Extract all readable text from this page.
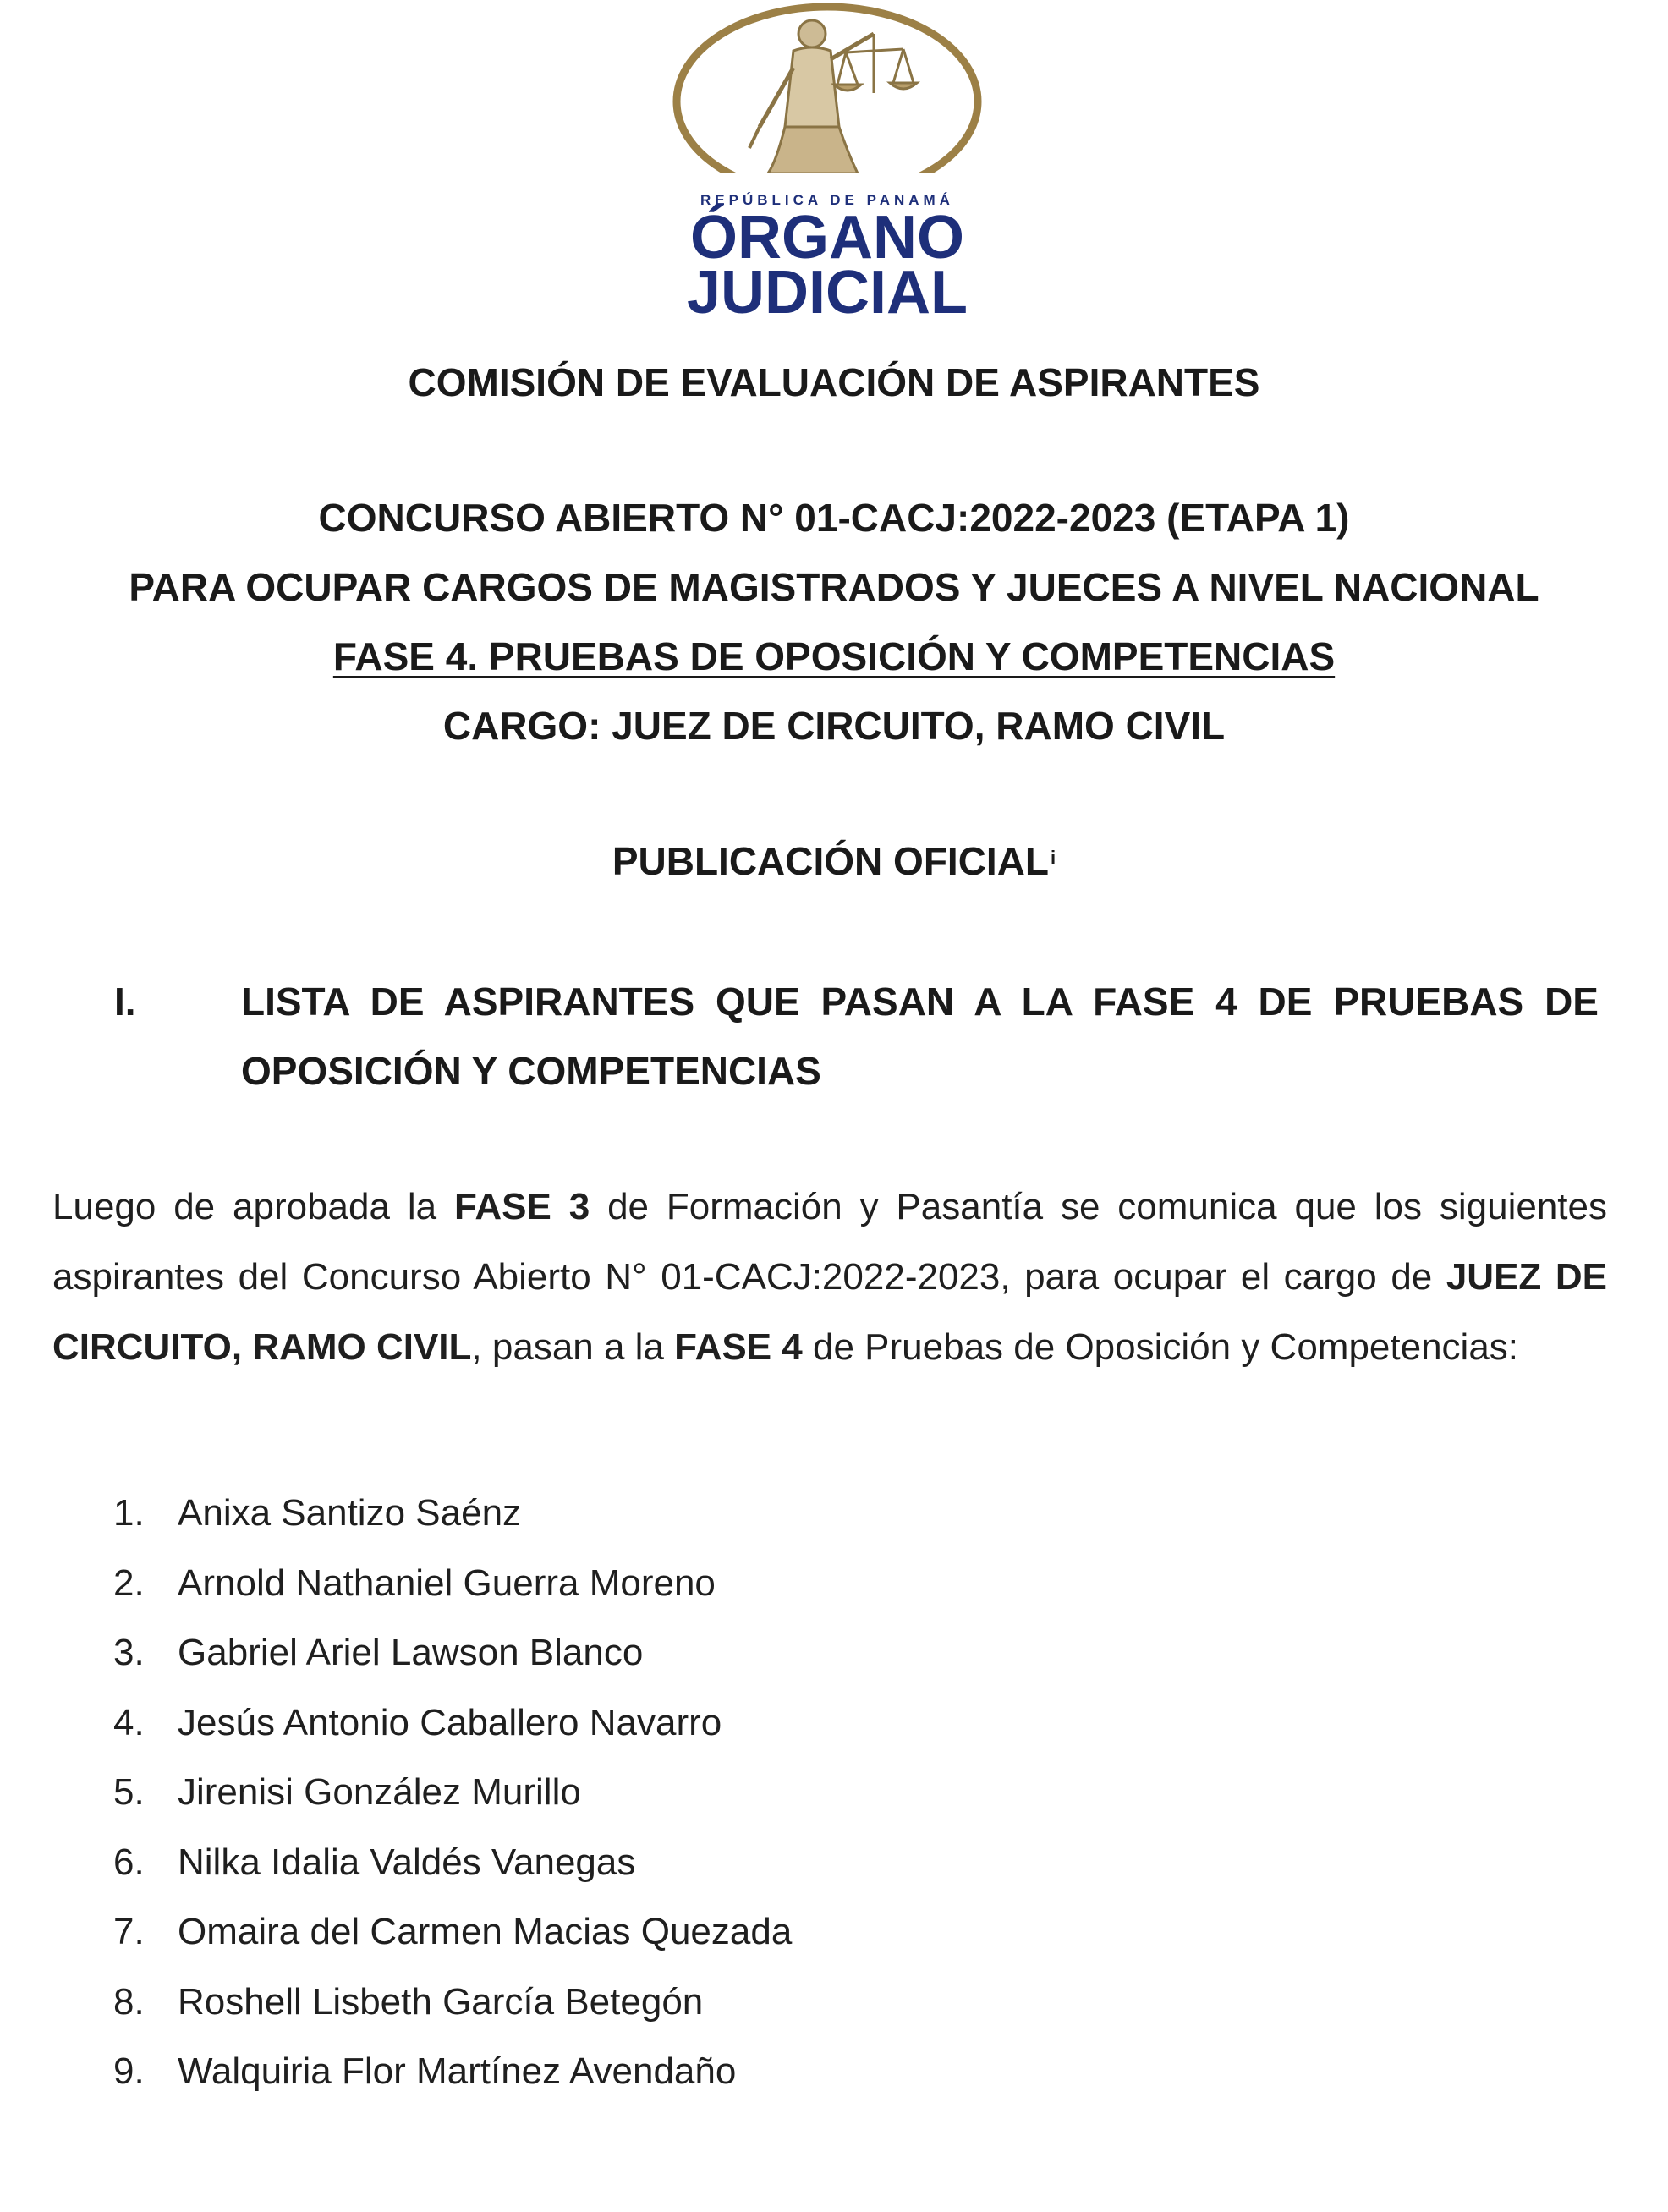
REPÚBLICA DE PANAMÁ
ÓRGANO
JUDICIAL
COMISIÓN DE EVALUACIÓN DE ASPIRANTES
CONCURSO ABIERTO N° 01-CACJ:2022-2023 (ETAPA 1)
PARA OCUPAR CARGOS DE MAGISTRADOS Y JUECES A NIVEL NACIONAL
FASE 4. PRUEBAS DE OPOSICIÓN Y COMPETENCIAS
CARGO: JUEZ DE CIRCUITO, RAMO CIVIL
PUBLICACIÓN OFICIAL$^i$
I.	LISTA DE ASPIRANTES QUE PASAN A LA FASE 4 DE PRUEBAS DE OPOSICIÓN Y COMPETENCIAS
Luego de aprobada la FASE 3 de Formación y Pasantía se comunica que los siguientes aspirantes del Concurso Abierto N° 01-CACJ:2022-2023, para ocupar el cargo de JUEZ DE CIRCUITO, RAMO CIVIL, pasan a la FASE 4 de Pruebas de Oposición y Competencias:
1. Anixa Santizo Saénz
2. Arnold Nathaniel Guerra Moreno
3. Gabriel Ariel Lawson Blanco
4. Jesús Antonio Caballero Navarro
5. Jirenisi González Murillo
6. Nilka Idalia Valdés Vanegas
7. Omaira del Carmen Macias Quezada
8. Roshell Lisbeth García Betegón
9. Walquiria Flor Martínez Avendaño
